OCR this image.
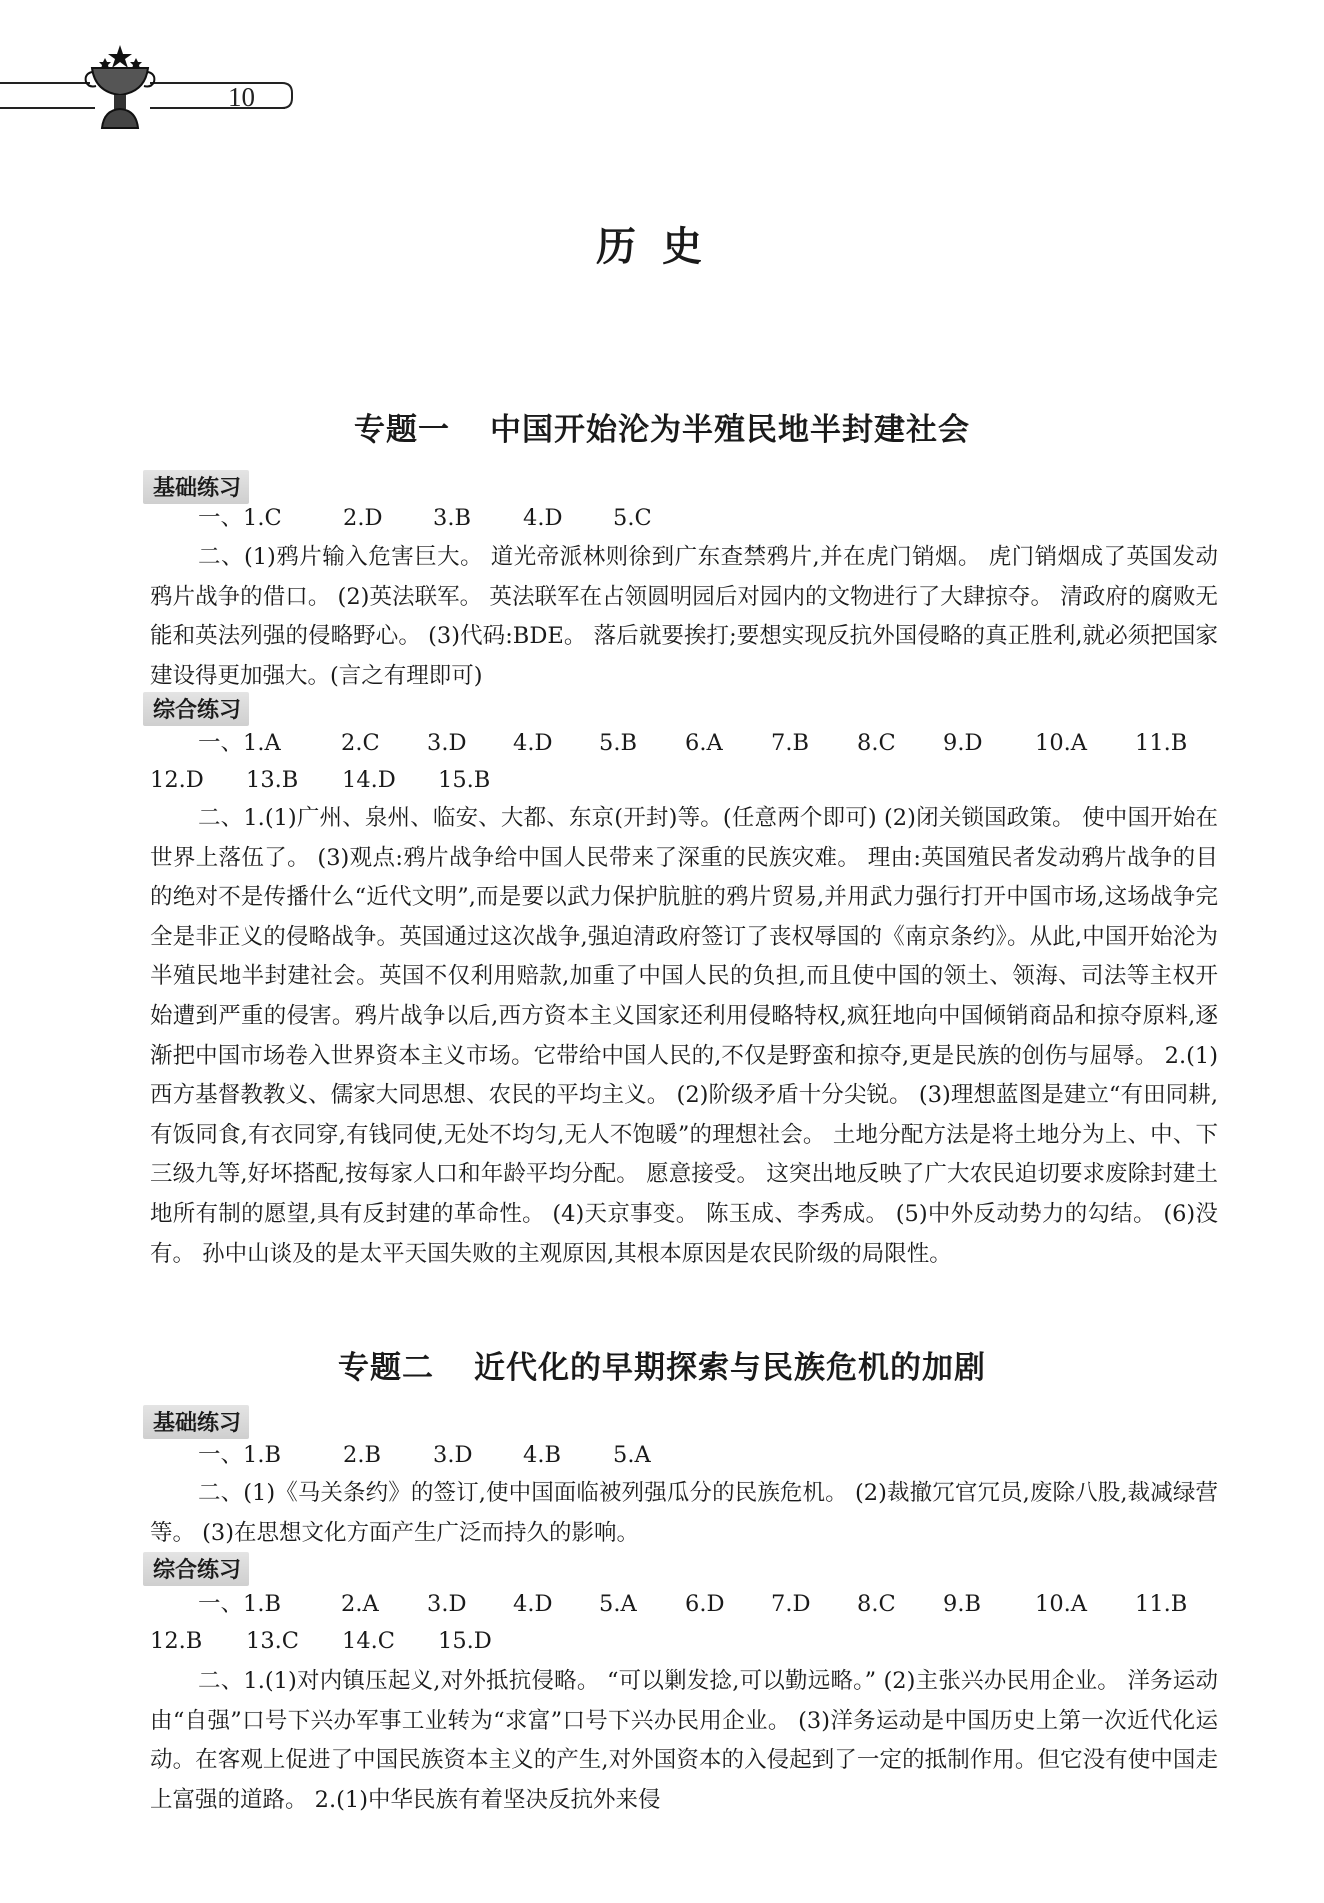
10
历史
专题一 中国开始沦为半殖民地半封建社会
基础练习
一、1.C	2.D 3.B 4.D 5.C

二、(1)鸦片输入危害巨大。 道光帝派林则徐到广东查禁鸦片,并在虎门销烟。 虎门销烟成了英国发动鸦片战争的借口。 (2)英法联军。 英法联军在占领圆明园后对园内的文物进行了大肆掠夺。 清政府的腐败无能和英法列强的侵略野心。 (3)代码:BDE。 落后就要挨打;要想实现反抗外国侵略的真正胜利,就必须把国家建设得更加强大。(言之有理即可)

综合练习
一、1.A	2.C 3.D 4.D 5.B 6.A 7.B 8.C 9.D 10.A 11.B
12.D 13.B 14.D 15.B

二、1.(1)广州、泉州、临安、大都、东京(开封)等。(任意两个即可) (2)闭关锁国政策。 使中国开始在世界上落伍了。 (3)观点:鸦片战争给中国人民带来了深重的民族灾难。 理由:英国殖民者发动鸦片战争的目的绝对不是传播什么“近代文明”,而是要以武力保护肮脏的鸦片贸易,并用武力强行打开中国市场,这场战争完全是非正义的侵略战争。英国通过这次战争,强迫清政府签订了丧权辱国的《南京条约》。从此,中国开始沦为半殖民地半封建社会。英国不仅利用赔款,加重了中国人民的负担,而且使中国的领土、领海、司法等主权开始遭到严重的侵害。鸦片战争以后,西方资本主义国家还利用侵略特权,疯狂地向中国倾销商品和掠夺原料,逐渐把中国市场卷入世界资本主义市场。它带给中国人民的,不仅是野蛮和掠夺,更是民族的创伤与屈辱。 2.(1)西方基督教教义、儒家大同思想、农民的平均主义。 (2)阶级矛盾十分尖锐。 (3)理想蓝图是建立“有田同耕,有饭同食,有衣同穿,有钱同使,无处不均匀,无人不饱暖”的理想社会。 土地分配方法是将土地分为上、中、下三级九等,好坏搭配,按每家人口和年龄平均分配。 愿意接受。 这突出地反映了广大农民迫切要求废除封建土地所有制的愿望,具有反封建的革命性。 (4)天京事变。 陈玉成、李秀成。 (5)中外反动势力的勾结。 (6)没有。 孙中山谈及的是太平天国失败的主观原因,其根本原因是农民阶级的局限性。

专题二 近代化的早期探索与民族危机的加剧
基础练习
一、1.B	2.B 3.D 4.B 5.A

二、(1)《马关条约》的签订,使中国面临被列强瓜分的民族危机。 (2)裁撤冗官冗员,废除八股,裁减绿营等。 (3)在思想文化方面产生广泛而持久的影响。

综合练习
一、1.B	2.A 3.D 4.D 5.A 6.D 7.D 8.C 9.B 10.A 11.B
12.B 13.C 14.C 15.D

二、1.(1)对内镇压起义,对外抵抗侵略。 “可以剿发捻,可以勤远略。” (2)主张兴办民用企业。 洋务运动由“自强”口号下兴办军事工业转为“求富”口号下兴办民用企业。 (3)洋务运动是中国历史上第一次近代化运动。在客观上促进了中国民族资本主义的产生,对外国资本的入侵起到了一定的抵制作用。但它没有使中国走上富强的道路。 2.(1)中华民族有着坚决反抗外来侵
